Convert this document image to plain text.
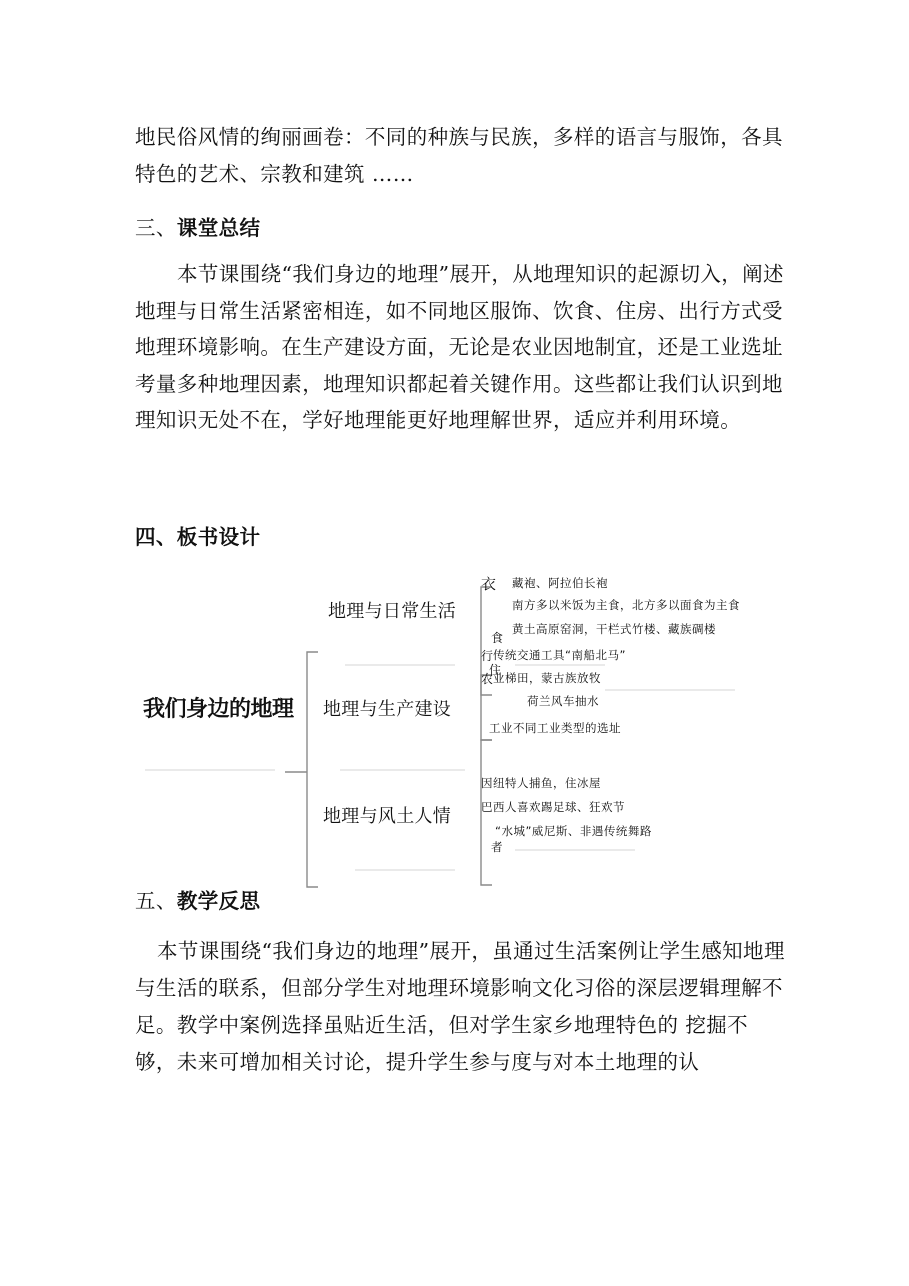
地民俗风情的绚丽画卷：不同的种族与民族，多样的语言与服饰，各具特色的艺术、宗教和建筑 ……

三、课堂总结

本节课围绕“我们身边的地理”展开，从地理知识的起源切入，阐述地理与日常生活紧密相连，如不同地区服饰、饮食、住房、出行方式受地理环境影响。在生产建设方面，无论是农业因地制宜，还是工业选址考量多种地理因素，地理知识都起着关键作用。这些都让我们认识到地理知识无处不在，学好地理能更好地理解世界，适应并利用环境。

四、板书设计
我们身边的地理
地理与日常生活
地理与生产建设
地理与风土人情
衣
食
住
行
农
藏袍、阿拉伯长袍
南方多以米饭为主食，北方多以面食为主食
黄土高原窑洞，干栏式竹楼、藏族碉楼
传统交通工具“南船北马”
业梯田，蒙古族放牧
荷兰风车抽水
工业不同工业类型的选址
因纽特人捕鱼，住冰屋
巴西人喜欢踢足球、狂欢节
“水城”威尼斯、非遇传统舞路
者
五、教学反思

本节课围绕“我们身边的地理”展开，虽通过生活案例让学生感知地理与生活的联系，但部分学生对地理环境影响文化习俗的深层逻辑理解不足。教学中案例选择虽贴近生活，但对学生家乡地理特色的 挖掘不够，未来可增加相关讨论，提升学生参与度与对本土地理的认
